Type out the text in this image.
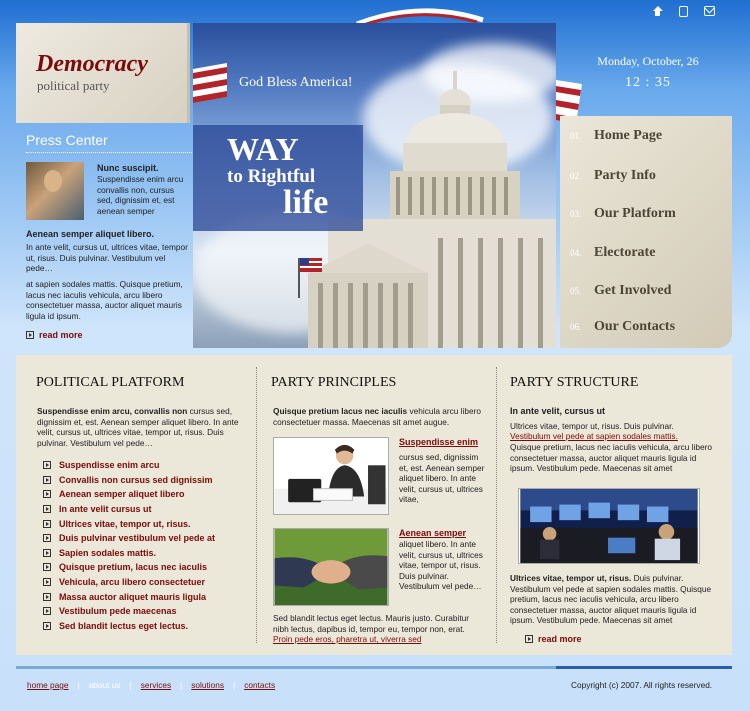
Democracy
political party	God Bless America!
WAY
to Rightful
life
Monday, October, 26
12 : 35
01. Home Page
02. Party Info
03. Our Platform
04. Electorate
05. Get Involved
06. Our Contacts
Press Center
Nunc suscipit.
Suspendisse enim arcu convallis non, cursus sed, dignissim et, est aenean semper
Aenean semper aliquet libero.
In ante velit, cursus ut, ultrices vitae, tempor ut, risus. Duis pulvinar. Vestibulum vel pede…
at sapien sodales mattis. Quisque pretium, lacus nec iaculis vehicula, arcu libero consectetuer massa, auctor aliquet mauris ligula id ipsum.
read more
POLITICAL PLATFORM
Suspendisse enim arcu, convallis non cursus sed, dignissim et, est. Aenean semper aliquet libero. In ante velit, cursus ut, ultrices vitae, tempor ut, risus. Duis pulvinar. Vestibulum vel pede…
Suspendisse enim arcu
Convallis non cursus sed dignissim
Aenean semper aliquet libero
In ante velit cursus ut
Ultrices vitae, tempor ut, risus.
Duis pulvinar vestibulum vel pede at
Sapien sodales mattis.
Quisque pretium, lacus nec iaculis
Vehicula, arcu libero consectetuer
Massa auctor aliquet mauris ligula
Vestibulum pede maecenas
Sed blandit lectus eget lectus.
PARTY PRINCIPLES
Quisque pretium lacus nec iaculis vehicula arcu libero consectetuer massa. Maecenas sit amet augue.
Suspendisse enim
cursus sed, dignissim et, est. Aenean semper aliquet libero. In ante velit, cursus ut, ultrices vitae,
Aenean semper
aliquet libero. In ante velit, cursus ut, ultrices vitae, tempor ut, risus. Duis pulvinar. Vestibulum vel pede…
Sed blandit lectus eget lectus. Mauris justo. Curabitur nibh lectus, dapibus id, tempor eu, tempor non, erat.
Proin pede eros, pharetra ut, viverra sed
PARTY STRUCTURE
In ante velit, cursus ut
Ultrices vitae, tempor ut, risus. Duis pulvinar.
Vestibulum vel pede at sapien sodales mattis.
Quisque pretium, lacus nec iaculis vehicula, arcu libero consectetuer massa, auctor aliquet mauris ligula id ipsum. Vestibulum pede. Maecenas sit amet
Ultrices vitae, tempor ut, risus. Duis pulvinar. Vestibulum vel pede at sapien sodales mattis. Quisque pretium, lacus nec iaculis vehicula, arcu libero consectetuer massa, auctor aliquet mauris ligula id ipsum. Vestibulum pede. Maecenas sit amet
read more
home page | about us | services | solutions | contacts	Copyright (c) 2007. All rights reserved.
